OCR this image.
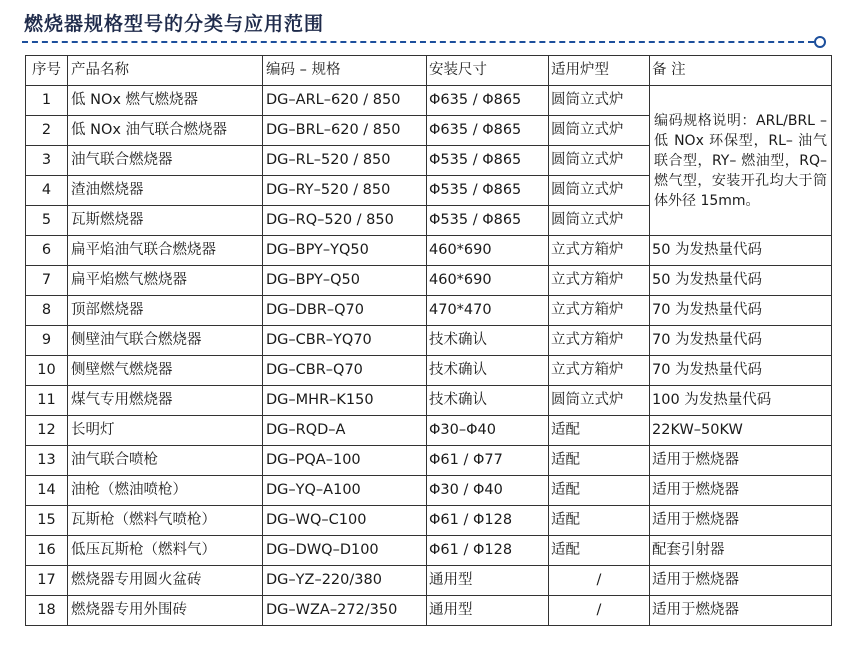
燃烧器规格型号的分类与应用范围
序号	产品名称	编码 – 规格	安装尺寸	适用炉型	备 注
1	低 NOx 燃气燃烧器	DG–ARL–620 / 850	Φ635 / Φ865	圆筒立式炉	编码规格说明：ARL/BRL – 低 NOx 环保型，RL– 油气联合型，RY– 燃油型，RQ– 燃气型，安装开孔均大于筒体外径 15mm。
2	低 NOx 油气联合燃烧器	DG–BRL–620 / 850	Φ635 / Φ865	圆筒立式炉	
3	油气联合燃烧器	DG–RL–520 / 850	Φ535 / Φ865	圆筒立式炉	
4	渣油燃烧器	DG–RY–520 / 850	Φ535 / Φ865	圆筒立式炉	
5	瓦斯燃烧器	DG–RQ–520 / 850	Φ535 / Φ865	圆筒立式炉	
6	扁平焰油气联合燃烧器	DG–BPY–YQ50	460*690	立式方箱炉	50 为发热量代码
7	扁平焰燃气燃烧器	DG–BPY–Q50	460*690	立式方箱炉	50 为发热量代码
8	顶部燃烧器	DG–DBR–Q70	470*470	立式方箱炉	70 为发热量代码
9	侧壁油气联合燃烧器	DG–CBR–YQ70	技术确认	立式方箱炉	70 为发热量代码
10	侧壁燃气燃烧器	DG–CBR–Q70	技术确认	立式方箱炉	70 为发热量代码
11	煤气专用燃烧器	DG–MHR–K150	技术确认	圆筒立式炉	100 为发热量代码
12	长明灯	DG–RQD–A	Φ30–Φ40	适配	22KW–50KW
13	油气联合喷枪	DG–PQA–100	Φ61 / Φ77	适配	适用于燃烧器
14	油枪（燃油喷枪）	DG–YQ–A100	Φ30 / Φ40	适配	适用于燃烧器
15	瓦斯枪（燃料气喷枪）	DG–WQ–C100	Φ61 / Φ128	适配	适用于燃烧器
16	低压瓦斯枪（燃料气）	DG–DWQ–D100	Φ61 / Φ128	适配	配套引射器
17	燃烧器专用圆火盆砖	DG–YZ–220/380	通用型	/	适用于燃烧器
18	燃烧器专用外围砖	DG–WZA–272/350	通用型	/	适用于燃烧器
